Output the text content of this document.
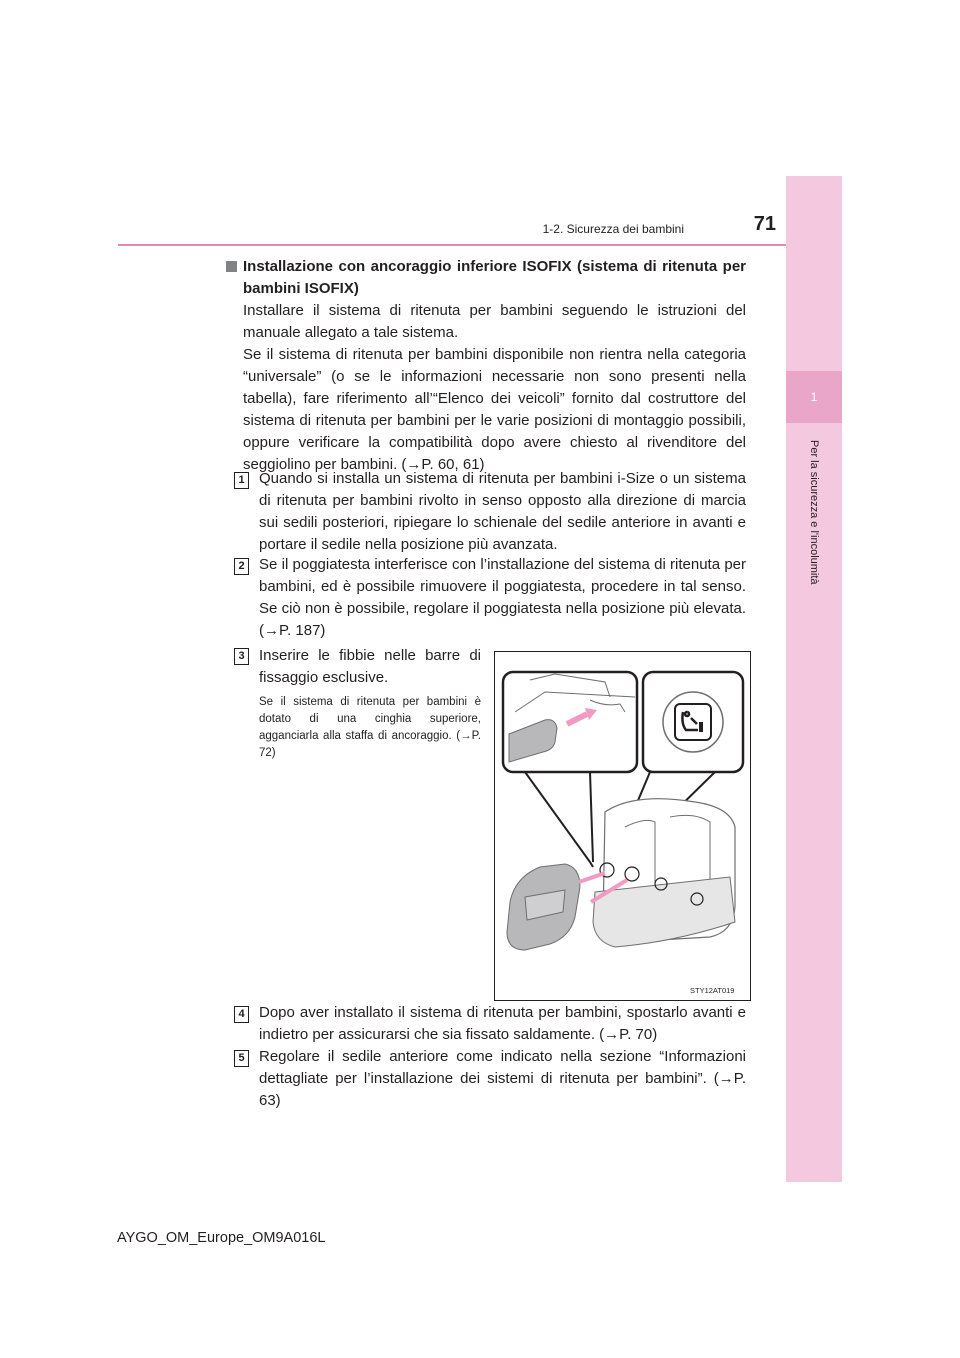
1
Per la sicurezza e l'incolumità
1-2. Sicurezza dei bambini	71

Installazione con ancoraggio inferiore ISOFIX (sistema di ritenuta per bambini ISOFIX)

Installare il sistema di ritenuta per bambini seguendo le istruzioni del manuale allegato a tale sistema.

Se il sistema di ritenuta per bambini disponibile non rientra nella categoria “universale” (o se le informazioni necessarie non sono presenti nella tabella), fare riferimento all’“Elenco dei veicoli” fornito dal costruttore del sistema di ritenuta per bambini per le varie posizioni di montaggio possibili, oppure verificare la compatibilità dopo avere chiesto al rivenditore del seggiolino per bambini. (→P. 60, 61)

1 Quando si installa un sistema di ritenuta per bambini i-Size o un sistema di ritenuta per bambini rivolto in senso opposto alla direzione di marcia sui sedili posteriori, ripiegare lo schienale del sedile anteriore in avanti e portare il sedile nella posizione più avanzata.

2 Se il poggiatesta interferisce con l’installazione del sistema di ritenuta per bambini, ed è possibile rimuovere il poggiatesta, procedere in tal senso. Se ciò non è possibile, regolare il poggiatesta nella posizione più elevata. (→P. 187)

3 Inserire le fibbie nelle barre di fissaggio esclusive.

Se il sistema di ritenuta per bambini è dotato di una cinghia superiore, agganciarla alla staffa di ancoraggio. (→P. 72)

STY12AT019
4 Dopo aver installato il sistema di ritenuta per bambini, spostarlo avanti e indietro per assicurarsi che sia fissato saldamente. (→P. 70)

5 Regolare il sedile anteriore come indicato nella sezione “Informazioni dettagliate per l’installazione dei sistemi di ritenuta per bambini”. (→P. 63)

AYGO_OM_Europe_OM9A016L
